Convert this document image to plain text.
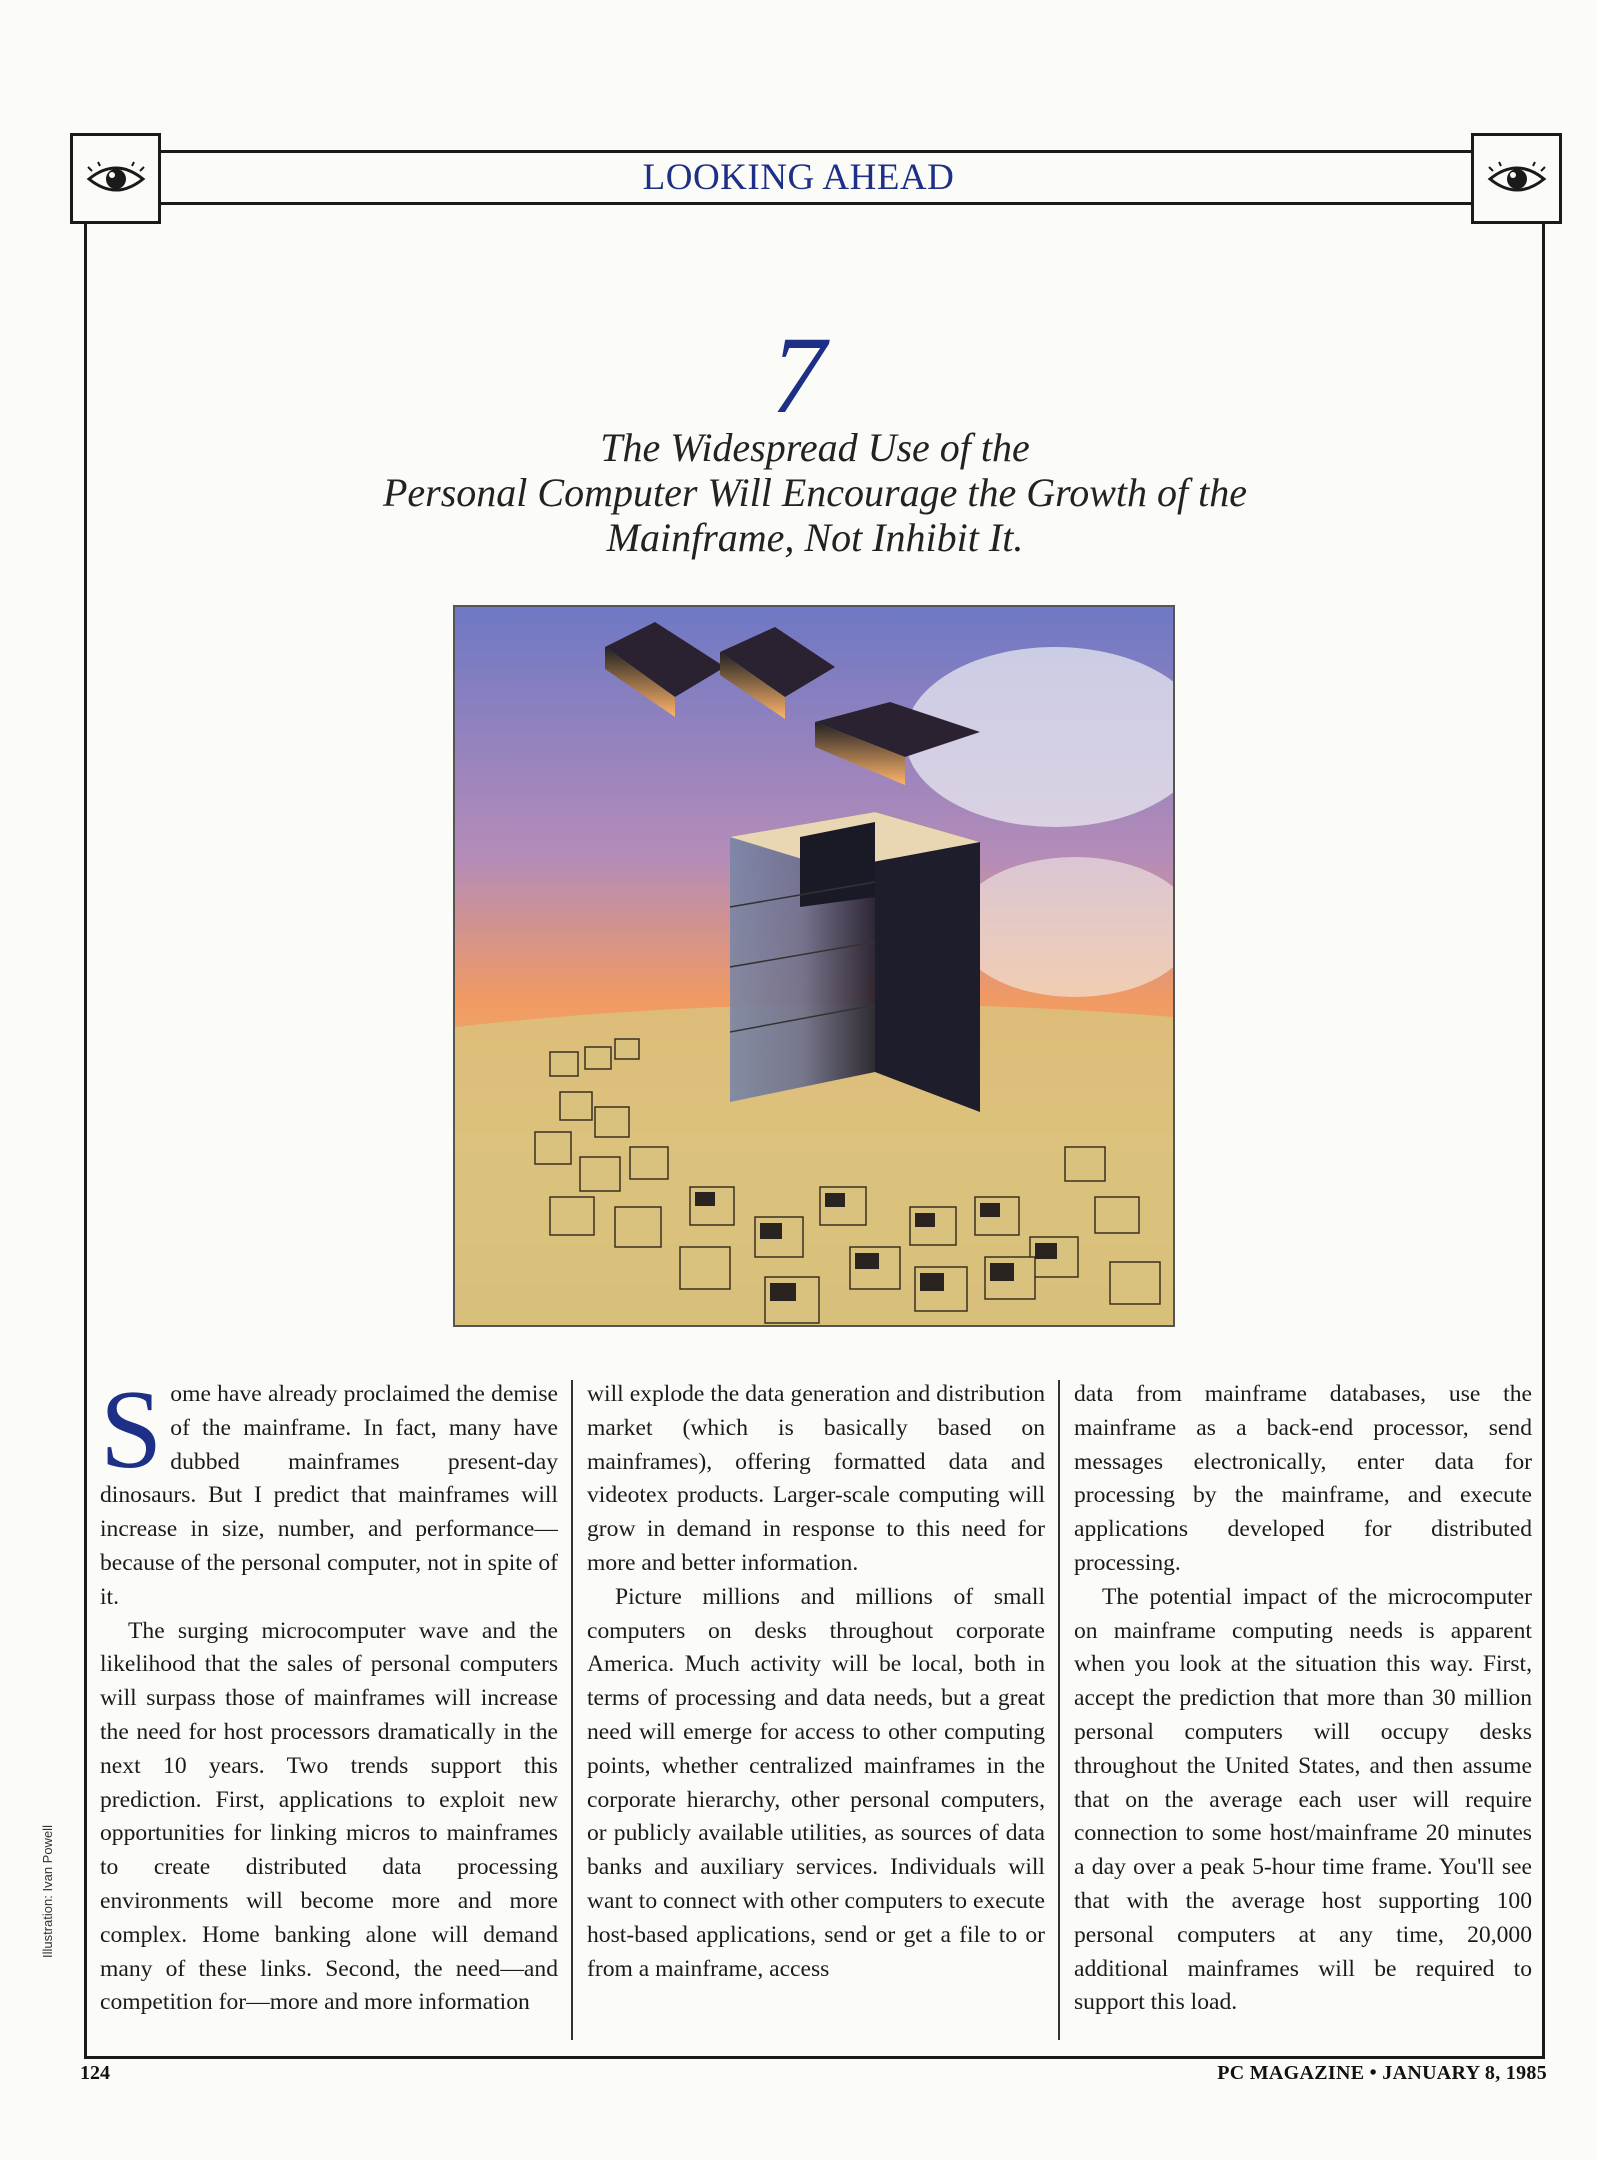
LOOKING AHEAD
7
The Widespread Use of the
Personal Computer Will Encourage the Growth of the
Mainframe, Not Inhibit It.

Some have already proclaimed the demise of the mainframe. In fact, many have dubbed mainframes present-day dinosaurs. But I predict that mainframes will increase in size, number, and performance—because of the personal computer, not in spite of it.

The surging microcomputer wave and the likelihood that the sales of personal computers will surpass those of mainframes will increase the need for host processors dramatically in the next 10 years. Two trends support this prediction. First, applications to exploit new opportunities for linking micros to mainframes to create distributed data processing environments will become more and more complex. Home banking alone will demand many of these links. Second, the need—and competition for—more and more information

will explode the data generation and distribution market (which is basically based on mainframes), offering formatted data and videotex products. Larger-scale computing will grow in demand in response to this need for more and better information.

Picture millions and millions of small computers on desks throughout corporate America. Much activity will be local, both in terms of processing and data needs, but a great need will emerge for access to other computing points, whether centralized mainframes in the corporate hierarchy, other personal computers, or publicly available utilities, as sources of data banks and auxiliary services. Individuals will want to connect with other computers to execute host-based applications, send or get a file to or from a mainframe, access

data from mainframe databases, use the mainframe as a back-end processor, send messages electronically, enter data for processing by the mainframe, and execute applications developed for distributed processing.

The potential impact of the microcomputer on mainframe computing needs is apparent when you look at the situation this way. First, accept the prediction that more than 30 million personal computers will occupy desks throughout the United States, and then assume that on the average each user will require connection to some host/mainframe 20 minutes a day over a peak 5-hour time frame. You'll see that with the average host supporting 100 personal computers at any time, 20,000 additional mainframes will be required to support this load.

Illustration: Ivan Powell
124	PC MAGAZINE • JANUARY 8, 1985
